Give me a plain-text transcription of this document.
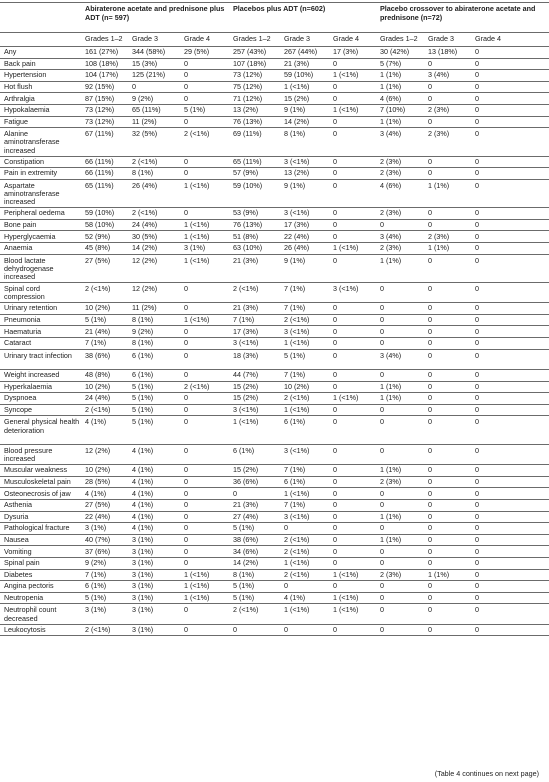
	Abiraterone acetate and prednisone plus ADT (n= 597)			Placebos plus ADT (n=602)			Placebo crossover to abiraterone acetate and prednisone (n=72)			
	Grades 1–2	Grade 3	Grade 4	Grades 1–2	Grade 3	Grade 4	Grades 1–2	Grade 3	Grade 4	
Any	161 (27%)	344 (58%)	29 (5%)	257 (43%)	267 (44%)	17 (3%)	30 (42%)	13 (18%)	0	
Back pain	108 (18%)	15 (3%)	0	107 (18%)	21 (3%)	0	5 (7%)	0	0	
Hypertension	104 (17%)	125 (21%)	0	73 (12%)	59 (10%)	1 (<1%)	1 (1%)	3 (4%)	0	
Hot flush	92 (15%)	0	0	75 (12%)	1 (<1%)	0	1 (1%)	0	0	
Arthralgia	87 (15%)	9 (2%)	0	71 (12%)	15 (2%)	0	4 (6%)	0	0	
Hypokalaemia	73 (12%)	65 (11%)	5 (1%)	13 (2%)	9 (1%)	1 (<1%)	7 (10%)	2 (3%)	0	
Fatigue	73 (12%)	11 (2%)	0	76 (13%)	14 (2%)	0	1 (1%)	0	0	
Alanine aminotransferase increased	67 (11%)	32 (5%)	2 (<1%)	69 (11%)	8 (1%)	0	3 (4%)	2 (3%)	0	
Constipation	66 (11%)	2 (<1%)	0	65 (11%)	3 (<1%)	0	2 (3%)	0	0	
Pain in extremity	66 (11%)	8 (1%)	0	57 (9%)	13 (2%)	0	2 (3%)	0	0	
Aspartate aminotransferase increased	65 (11%)	26 (4%)	1 (<1%)	59 (10%)	9 (1%)	0	4 (6%)	1 (1%)	0	
Peripheral oedema	59 (10%)	2 (<1%)	0	53 (9%)	3 (<1%)	0	2 (3%)	0	0	
Bone pain	58 (10%)	24 (4%)	1 (<1%)	76 (13%)	17 (3%)	0	0	0	0	
Hyperglycaemia	52 (9%)	30 (5%)	1 (<1%)	51 (8%)	22 (4%)	0	3 (4%)	2 (3%)	0	
Anaemia	45 (8%)	14 (2%)	3 (1%)	63 (10%)	26 (4%)	1 (<1%)	2 (3%)	1 (1%)	0	
Blood lactate dehydrogenase increased	27 (5%)	12 (2%)	1 (<1%)	21 (3%)	9 (1%)	0	1 (1%)	0	0	
Spinal cord compression	2 (<1%)	12 (2%)	0	2 (<1%)	7 (1%)	3 (<1%)	0	0	0	
Urinary retention	10 (2%)	11 (2%)	0	21 (3%)	7 (1%)	0	0	0	0	
Pneumonia	5 (1%)	8 (1%)	1 (<1%)	7 (1%)	2 (<1%)	0	0	0	0	
Haematuria	21 (4%)	9 (2%)	0	17 (3%)	3 (<1%)	0	0	0	0	
Cataract	7 (1%)	8 (1%)	0	3 (<1%)	1 (<1%)	0	0	0	0	
Urinary tract infection	38 (6%)	6 (1%)	0	18 (3%)	5 (1%)	0	3 (4%)	0	0	
Weight increased	48 (8%)	6 (1%)	0	44 (7%)	7 (1%)	0	0	0	0	
Hyperkalaemia	10 (2%)	5 (1%)	2 (<1%)	15 (2%)	10 (2%)	0	1 (1%)	0	0	
Dyspnoea	24 (4%)	5 (1%)	0	15 (2%)	2 (<1%)	1 (<1%)	1 (1%)	0	0	
Syncope	2 (<1%)	5 (1%)	0	3 (<1%)	1 (<1%)	0	0	0	0	
General physical health deterioration	4 (1%)	5 (1%)	0	1 (<1%)	6 (1%)	0	0	0	0	
Blood pressure increased	12 (2%)	4 (1%)	0	6 (1%)	3 (<1%)	0	0	0	0	
Muscular weakness	10 (2%)	4 (1%)	0	15 (2%)	7 (1%)	0	1 (1%)	0	0	
Musculoskeletal pain	28 (5%)	4 (1%)	0	36 (6%)	6 (1%)	0	2 (3%)	0	0	
Osteonecrosis of jaw	4 (1%)	4 (1%)	0	0	1 (<1%)	0	0	0	0	
Asthenia	27 (5%)	4 (1%)	0	21 (3%)	7 (1%)	0	0	0	0	
Dysuria	22 (4%)	4 (1%)	0	27 (4%)	3 (<1%)	0	1 (1%)	0	0	
Pathological fracture	3 (1%)	4 (1%)	0	5 (1%)	0	0	0	0	0	
Nausea	40 (7%)	3 (1%)	0	38 (6%)	2 (<1%)	0	1 (1%)	0	0	
Vomiting	37 (6%)	3 (1%)	0	34 (6%)	2 (<1%)	0	0	0	0	
Spinal pain	9 (2%)	3 (1%)	0	14 (2%)	1 (<1%)	0	0	0	0	
Diabetes	7 (1%)	3 (1%)	1 (<1%)	8 (1%)	2 (<1%)	1 (<1%)	2 (3%)	1 (1%)	0	
Angina pectoris	6 (1%)	3 (1%)	1 (<1%)	5 (1%)	0	0	0	0	0	
Neutropenia	5 (1%)	3 (1%)	1 (<1%)	5 (1%)	4 (1%)	1 (<1%)	0	0	0	
Neutrophil count decreased	3 (1%)	3 (1%)	0	2 (<1%)	1 (<1%)	1 (<1%)	0	0	0	
Leukocytosis	2 (<1%)	3 (1%)	0	0	0	0	0	0	0	
(Table 4 continues on next page)
